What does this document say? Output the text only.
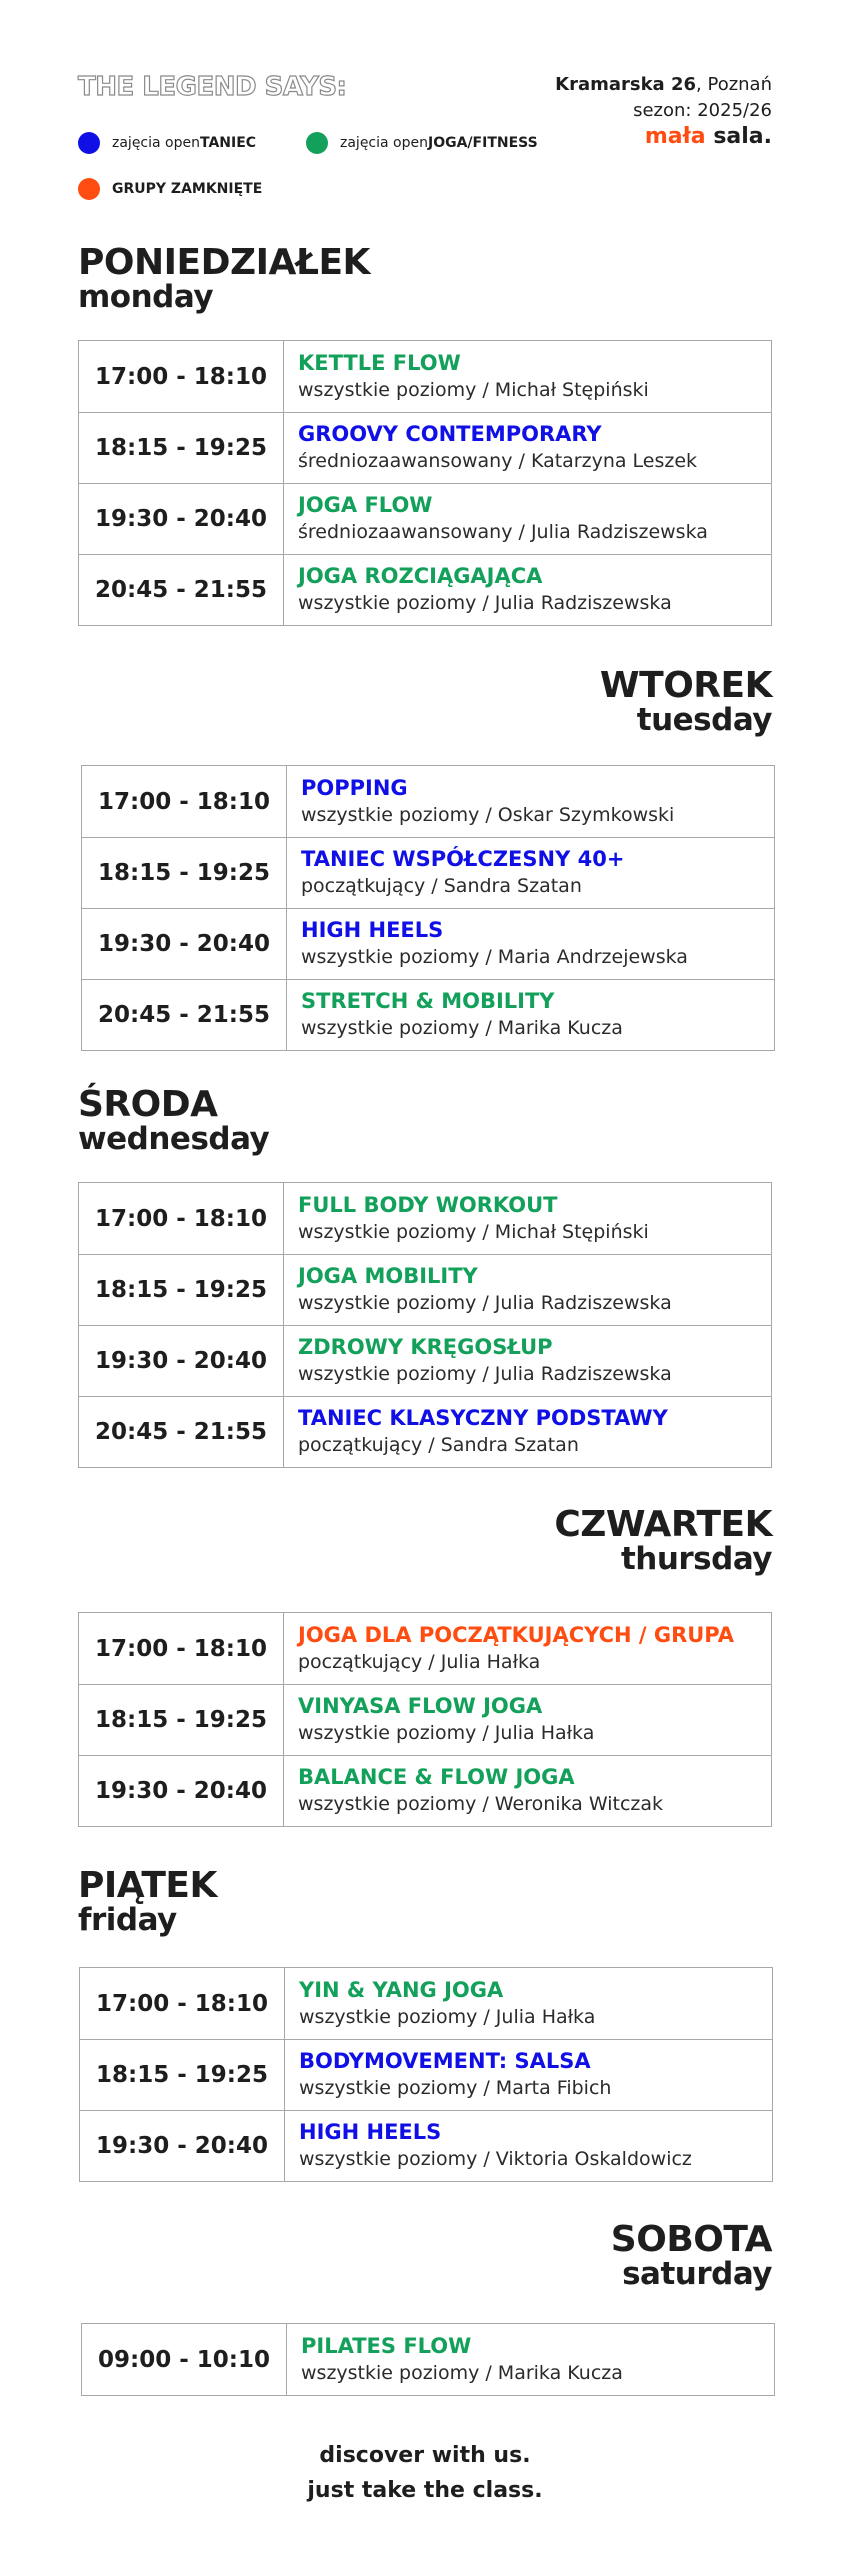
THE LEGEND SAYS:
zajęcia open TANIEC	zajęcia open JOGA/FITNESS
GRUPY ZAMKNIĘTE
Kramarska 26, Poznań
sezon: 2025/26
mała sala.
PONIEDZIAŁEK
monday
17:00 - 18:10
KETTLE FLOW
wszystkie poziomy / Michał Stępiński
18:15 - 19:25
GROOVY CONTEMPORARY
średniozaawansowany / Katarzyna Leszek
19:30 - 20:40
JOGA FLOW
średniozaawansowany / Julia Radziszewska
20:45 - 21:55
JOGA ROZCIĄGAJĄCA
wszystkie poziomy / Julia Radziszewska
WTOREK
tuesday
17:00 - 18:10
POPPING
wszystkie poziomy / Oskar Szymkowski
18:15 - 19:25
TANIEC WSPÓŁCZESNY 40+
początkujący / Sandra Szatan
19:30 - 20:40
HIGH HEELS
wszystkie poziomy / Maria Andrzejewska
20:45 - 21:55
STRETCH & MOBILITY
wszystkie poziomy / Marika Kucza
ŚRODA
wednesday
17:00 - 18:10
FULL BODY WORKOUT
wszystkie poziomy / Michał Stępiński
18:15 - 19:25
JOGA MOBILITY
wszystkie poziomy / Julia Radziszewska
19:30 - 20:40
ZDROWY KRĘGOSŁUP
wszystkie poziomy / Julia Radziszewska
20:45 - 21:55
TANIEC KLASYCZNY PODSTAWY
początkujący / Sandra Szatan
CZWARTEK
thursday
17:00 - 18:10
JOGA DLA POCZĄTKUJĄCYCH / GRUPA
początkujący / Julia Hałka
18:15 - 19:25
VINYASA FLOW JOGA
wszystkie poziomy / Julia Hałka
19:30 - 20:40
BALANCE & FLOW JOGA
wszystkie poziomy / Weronika Witczak
PIĄTEK
friday
17:00 - 18:10
YIN & YANG JOGA
wszystkie poziomy / Julia Hałka
18:15 - 19:25
BODYMOVEMENT: SALSA
wszystkie poziomy / Marta Fibich
19:30 - 20:40
HIGH HEELS
wszystkie poziomy / Viktoria Oskaldowicz
SOBOTA
saturday
09:00 - 10:10
PILATES FLOW
wszystkie poziomy / Marika Kucza
discover with us.
just take the class.
